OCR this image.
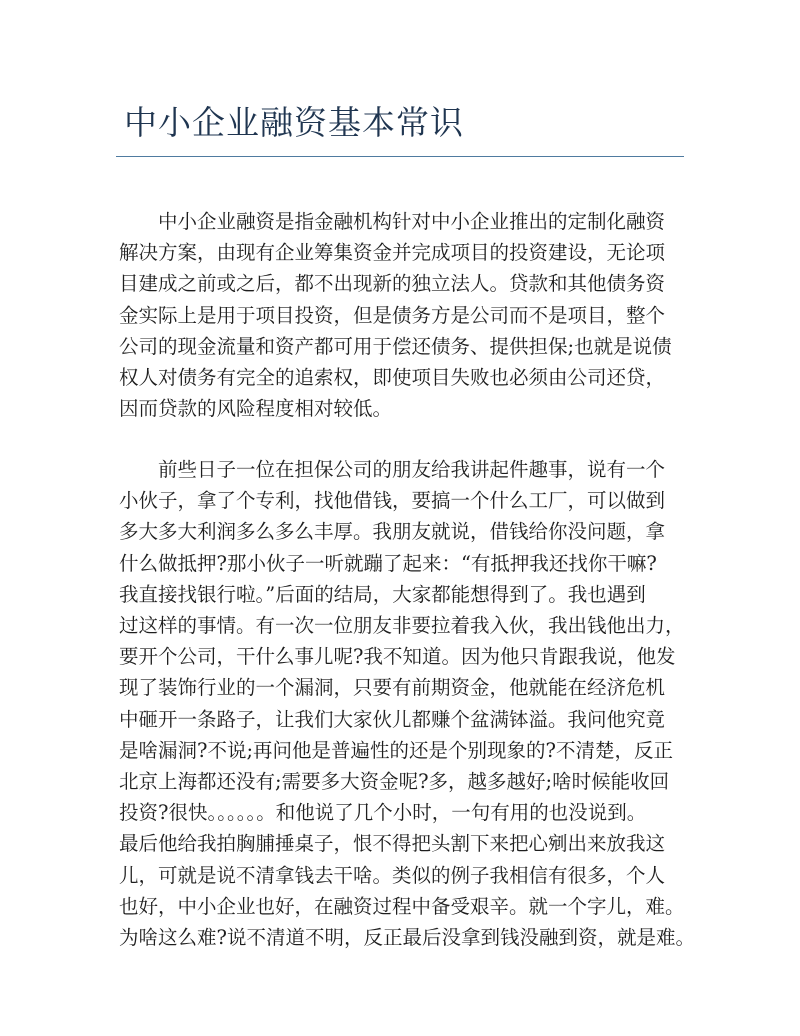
中小企业融资基本常识

　　中小企业融资是指金融机构针对中小企业推出的定制化融资
解决方案，由现有企业筹集资金并完成项目的投资建设，无论项
目建成之前或之后，都不出现新的独立法人。贷款和其他债务资
金实际上是用于项目投资，但是债务方是公司而不是项目，整个
公司的现金流量和资产都可用于偿还债务、提供担保;也就是说债
权人对债务有完全的追索权，即使项目失败也必须由公司还贷，
因而贷款的风险程度相对较低。

　　前些日子一位在担保公司的朋友给我讲起件趣事，说有一个
小伙子，拿了个专利，找他借钱，要搞一个什么工厂，可以做到
多大多大利润多么多么丰厚。我朋友就说，借钱给你没问题，拿
什么做抵押?那小伙子一听就蹦了起来：“有抵押我还找你干嘛?
我直接找银行啦。”后面的结局，大家都能想得到了。我也遇到
过这样的事情。有一次一位朋友非要拉着我入伙，我出钱他出力，
要开个公司，干什么事儿呢?我不知道。因为他只肯跟我说，他发
现了装饰行业的一个漏洞，只要有前期资金，他就能在经济危机
中砸开一条路子，让我们大家伙儿都赚个盆满钵溢。我问他究竟
是啥漏洞?不说;再问他是普遍性的还是个别现象的?不清楚，反正
北京上海都还没有;需要多大资金呢?多，越多越好;啥时候能收回
投资?很快。。。。。。和他说了几个小时，一句有用的也没说到。
最后他给我拍胸脯捶桌子，恨不得把头割下来把心剜出来放我这
儿，可就是说不清拿钱去干啥。类似的例子我相信有很多，个人
也好，中小企业也好，在融资过程中备受艰辛。就一个字儿，难。
为啥这么难?说不清道不明，反正最后没拿到钱没融到资，就是难。
